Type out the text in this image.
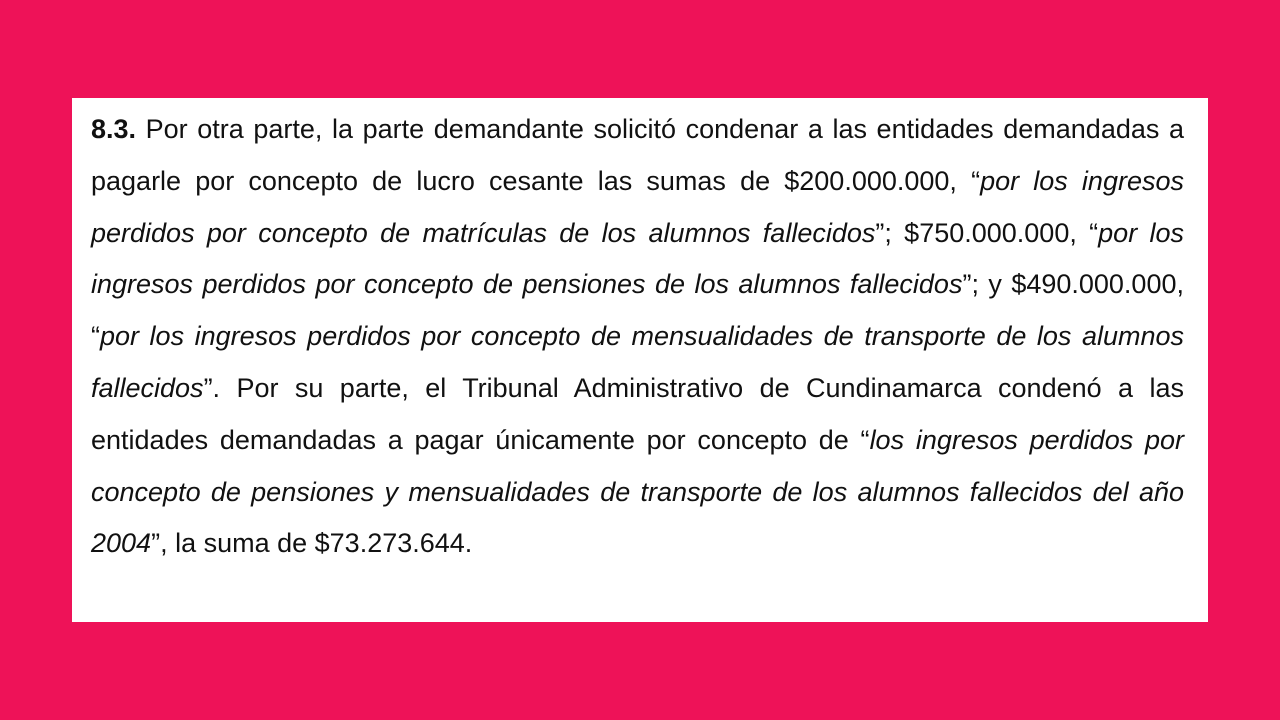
8.3. Por otra parte, la parte demandante solicitó condenar a las entidades demandadas a pagarle por concepto de lucro cesante las sumas de $200.000.000, “por los ingresos perdidos por concepto de matrículas de los alumnos fallecidos”; $750.000.000, “por los ingresos perdidos por concepto de pensiones de los alumnos fallecidos”; y $490.000.000, “por los ingresos perdidos por concepto de mensualidades de transporte de los alumnos fallecidos”. Por su parte, el Tribunal Administrativo de Cundinamarca condenó a las entidades demandadas a pagar únicamente por concepto de “los ingresos perdidos por concepto de pensiones y mensualidades de transporte de los alumnos fallecidos del año 2004”, la suma de $73.273.644.
